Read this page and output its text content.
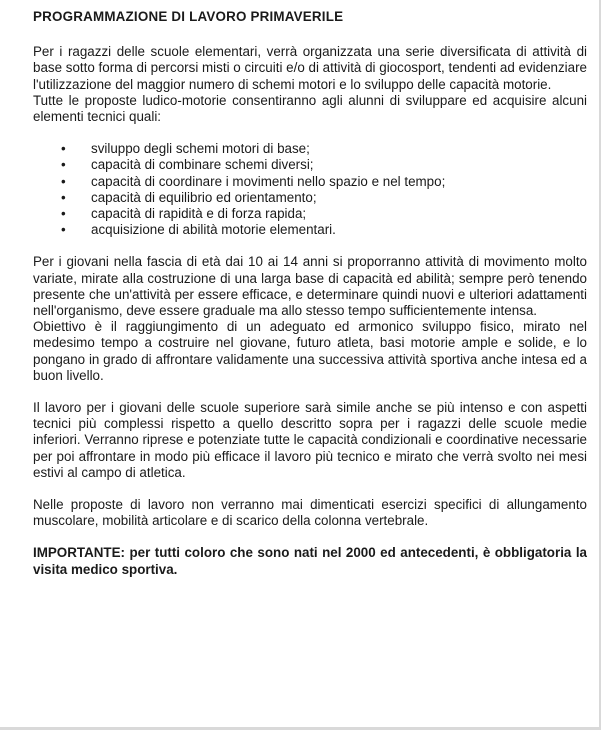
PROGRAMMAZIONE DI LAVORO PRIMAVERILE

Per i ragazzi delle scuole elementari, verrà organizzata una serie diversificata di attività di base sotto forma di percorsi misti o circuiti e/o di attività di giocosport, tendenti ad evidenziare l'utilizzazione del maggior numero di schemi motori e lo sviluppo delle capacità motorie.

Tutte le proposte ludico-motorie consentiranno agli alunni di sviluppare ed acquisire alcuni elementi tecnici quali:

• sviluppo degli schemi motori di base;
• capacità di combinare schemi diversi;
• capacità di coordinare i movimenti nello spazio e nel tempo;
• capacità di equilibrio ed orientamento;
• capacità di rapidità e di forza rapida;
• acquisizione di abilità motorie elementari.

Per i giovani nella fascia di età dai 10 ai 14 anni si proporranno attività di movimento molto variate, mirate alla costruzione di una larga base di capacità ed abilità; sempre però tenendo presente che un'attività per essere efficace, e determinare quindi nuovi e ulteriori adattamenti nell'organismo, deve essere graduale ma allo stesso tempo sufficientemente intensa.

Obiettivo è il raggiungimento di un adeguato ed armonico sviluppo fisico, mirato nel medesimo tempo a costruire nel giovane, futuro atleta, basi motorie ample e solide, e lo pongano in grado di affrontare validamente una successiva attività sportiva anche intesa ed a buon livello.

Il lavoro per i giovani delle scuole superiore sarà simile anche se più intenso e con aspetti tecnici più complessi rispetto a quello descritto sopra per i ragazzi delle scuole medie inferiori. Verranno riprese e potenziate tutte le capacità condizionali e coordinative necessarie per poi affrontare in modo più efficace il lavoro più tecnico e mirato che verrà svolto nei mesi estivi al campo di atletica.

Nelle proposte di lavoro non verranno mai dimenticati esercizi specifici di allungamento muscolare, mobilità articolare e di scarico della colonna vertebrale.

IMPORTANTE: per tutti coloro che sono nati nel 2000 ed antecedenti, è obbligatoria la visita medico sportiva.
